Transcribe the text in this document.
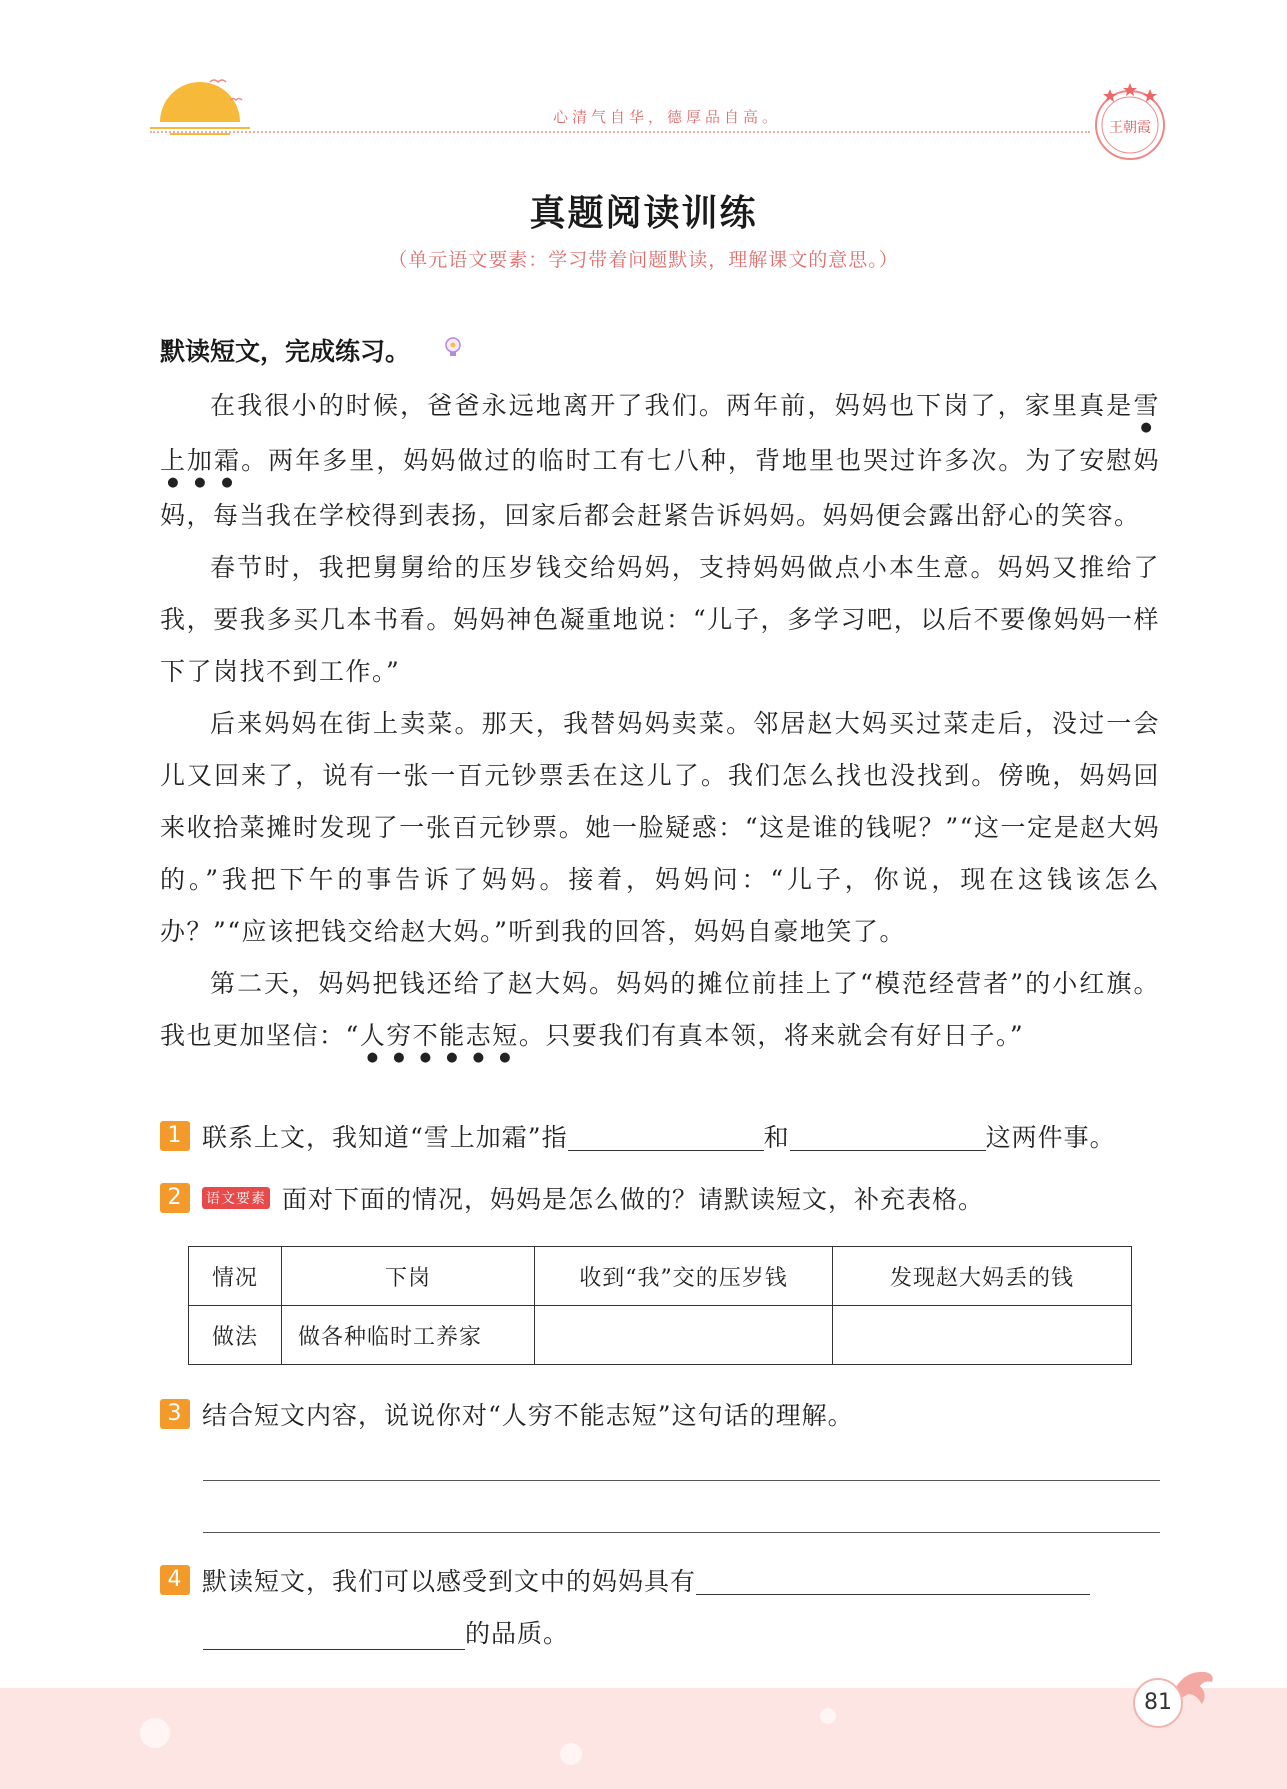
心清气自华，德厚品自高。
王朝霞
真题阅读训练
（单元语文要素：学习带着问题默读，理解课文的意思。）
默读短文，完成练习。

在我很小的时候，爸爸永远地离开了我们。两年前，妈妈也下岗了，家里真是雪上加霜。两年多里，妈妈做过的临时工有七八种，背地里也哭过许多次。为了安慰妈妈，每当我在学校得到表扬，回家后都会赶紧告诉妈妈。妈妈便会露出舒心的笑容。

春节时，我把舅舅给的压岁钱交给妈妈，支持妈妈做点小本生意。妈妈又推给了我，要我多买几本书看。妈妈神色凝重地说：“儿子，多学习吧，以后不要像妈妈一样下了岗找不到工作。”

后来妈妈在街上卖菜。那天，我替妈妈卖菜。邻居赵大妈买过菜走后，没过一会儿又回来了，说有一张一百元钞票丢在这儿了。我们怎么找也没找到。傍晚，妈妈回来收拾菜摊时发现了一张百元钞票。她一脸疑惑：“这是谁的钱呢？”“这一定是赵大妈的。”我把下午的事告诉了妈妈。接着，妈妈问：“儿子，你说，现在这钱该怎么办？”“应该把钱交给赵大妈。”听到我的回答，妈妈自豪地笑了。

第二天，妈妈把钱还给了赵大妈。妈妈的摊位前挂上了“模范经营者”的小红旗。我也更加坚信：“人穷不能志短。只要我们有真本领，将来就会有好日子。”

1 联系上文，我知道“雪上加霜”指	和	这两件事。
2 语文要素 面对下面的情况，妈妈是怎么做的？请默读短文，补充表格。
情况	下岗	收到“我”交的压岁钱	发现赵大妈丢的钱
做法	做各种临时工养家		
3 结合短文内容，说说你对“人穷不能志短”这句话的理解。
4 默读短文，我们可以感受到文中的妈妈具有
的品质。
81
